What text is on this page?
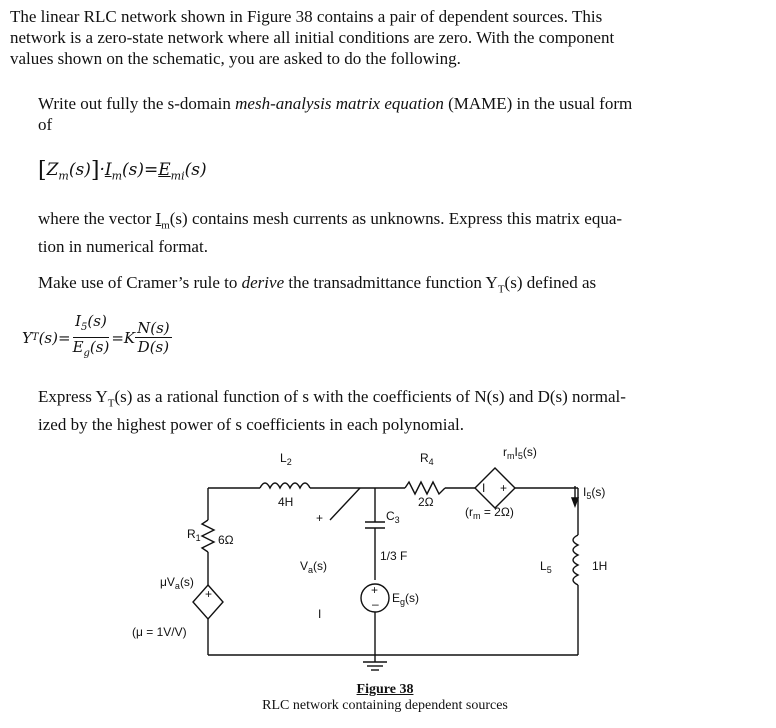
The linear RLC network shown in Figure 38 contains a pair of dependent sources. This
network is a zero-state network where all initial conditions are zero. With the component
values shown on the schematic, you are asked to do the following.

Write out fully the s-domain mesh-analysis matrix equation (MAME) in the usual form
of

$[Z_m(s)]\cdot I_m(s)=E_{mi}(s)$

where the vector $I_m(s)$ contains mesh currents as unknowns. Express this matrix equa-
tion in numerical format.

Make use of Cramer’s rule to derive the transadmittance function $Y_T(s)$ defined as

Y T $(s) = \frac{I_5(s)}{E_g(s)} = K \frac{N(s)}{D(s)}$

Express $Y_T(s)$ as a rational function of s with the coefficients of N(s) and D(s) normal-
ized by the highest power of s coefficients in each polynomial.

$L_2$
4H
$R_4$
2Ω
$r_mI_5(s)$
I +
$(r_m = 2\Omega)$
$I_5(s)$
$R_1$ 6Ω
$C_3$
1/3 F
$V_a(s)$
+
I
$L_5$	1H
$\mu V_a(s)$
+
(μ = 1V/V)
$E_g(s)$
+
–
Figure 38
RLC network containing dependent sources
